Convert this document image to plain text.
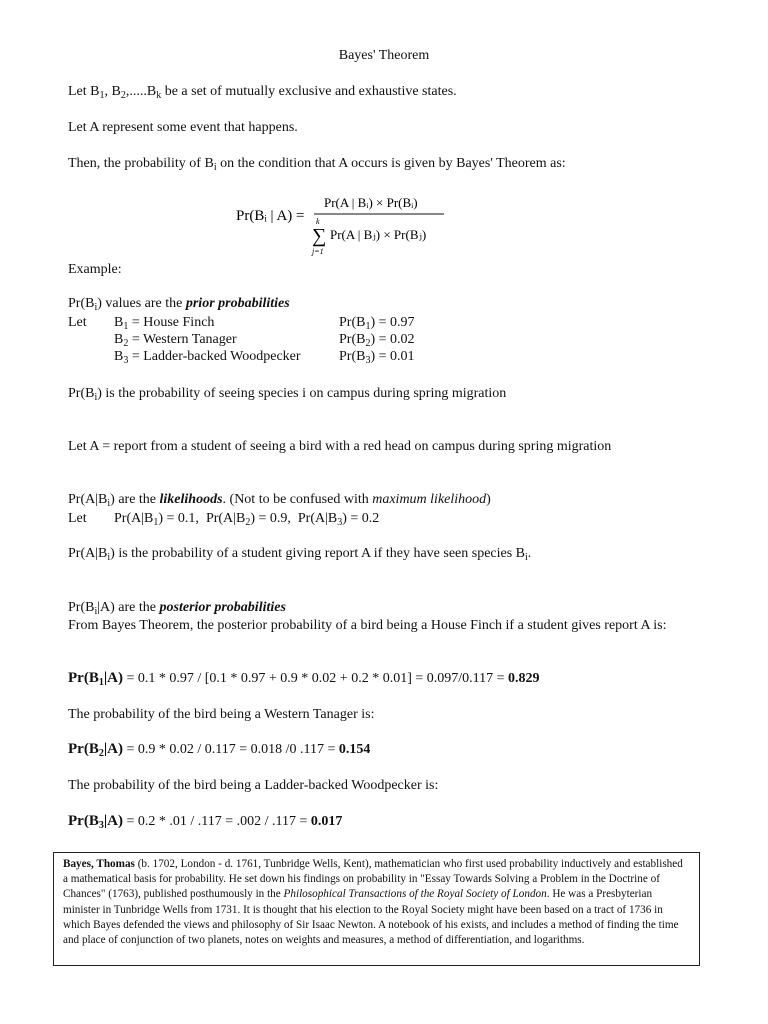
Bayes' Theorem
Let $B_1$, $B_2,.....B_k$ be a set of mutually exclusive and exhaustive states.
Let A represent some event that happens.
Then, the probability of $B_i$ on the condition that A occurs is given by Bayes' Theorem as:
Pr(Bᵢ | A) =
Pr(A | Bᵢ) × Pr(Bᵢ)
k
∑
j=1
Pr(A | Bⱼ) × Pr(Bⱼ)
Example:
$Pr(B_i)$ values are the prior probabilities
Let $B_1$ = House Finch	$Pr(B_1) = 0.97$
$B_2$ = Western Tanager	$Pr(B_2) = 0.02$
$B_3$ = Ladder-backed Woodpecker	$Pr(B_3) = 0.01$
$Pr(B_i)$ is the probability of seeing species i on campus during spring migration
Let A = report from a student of seeing a bird with a red head on campus during spring migration
$Pr(A|B_i)$ are the likelihoods. (Not to be confused with maximum likelihood)
Let $Pr(A|B_1) = 0.1$, $Pr(A|B_2) = 0.9$, $Pr(A|B_3) = 0.2$
$Pr(A|B_i)$ is the probability of a student giving report A if they have seen species $B_i$.
$Pr(B_i|A)$ are the posterior probabilities
From Bayes Theorem, the posterior probability of a bird being a House Finch if a student gives report A is:
$Pr(B_1|A) = 0.1 * 0.97 / [0.1 * 0.97 + 0.9 * 0.02 + 0.2 * 0.01] = 0.097/0.117 = 0.829$
The probability of the bird being a Western Tanager is:
$Pr(B_2|A) = 0.9 * 0.02 / 0.117 = 0.018$ /0 .117 = 0.154
The probability of the bird being a Ladder-backed Woodpecker is:
$Pr(B_3|A) = 0.2 * .01 / .117 = .002 / .117 = 0.017$
Bayes, Thomas (b. 1702, London - d. 1761, Tunbridge Wells, Kent), mathematician who first used probability inductively and established a mathematical basis for probability. He set down his findings on probability in "Essay Towards Solving a Problem in the Doctrine of Chances" (1763), published posthumously in the Philosophical Transactions of the Royal Society of London. He was a Presbyterian minister in Tunbridge Wells from 1731. It is thought that his election to the Royal Society might have been based on a tract of 1736 in which Bayes defended the views and philosophy of Sir Isaac Newton. A notebook of his exists, and includes a method of finding the time and place of conjunction of two planets, notes on weights and measures, a method of differentiation, and logarithms.
